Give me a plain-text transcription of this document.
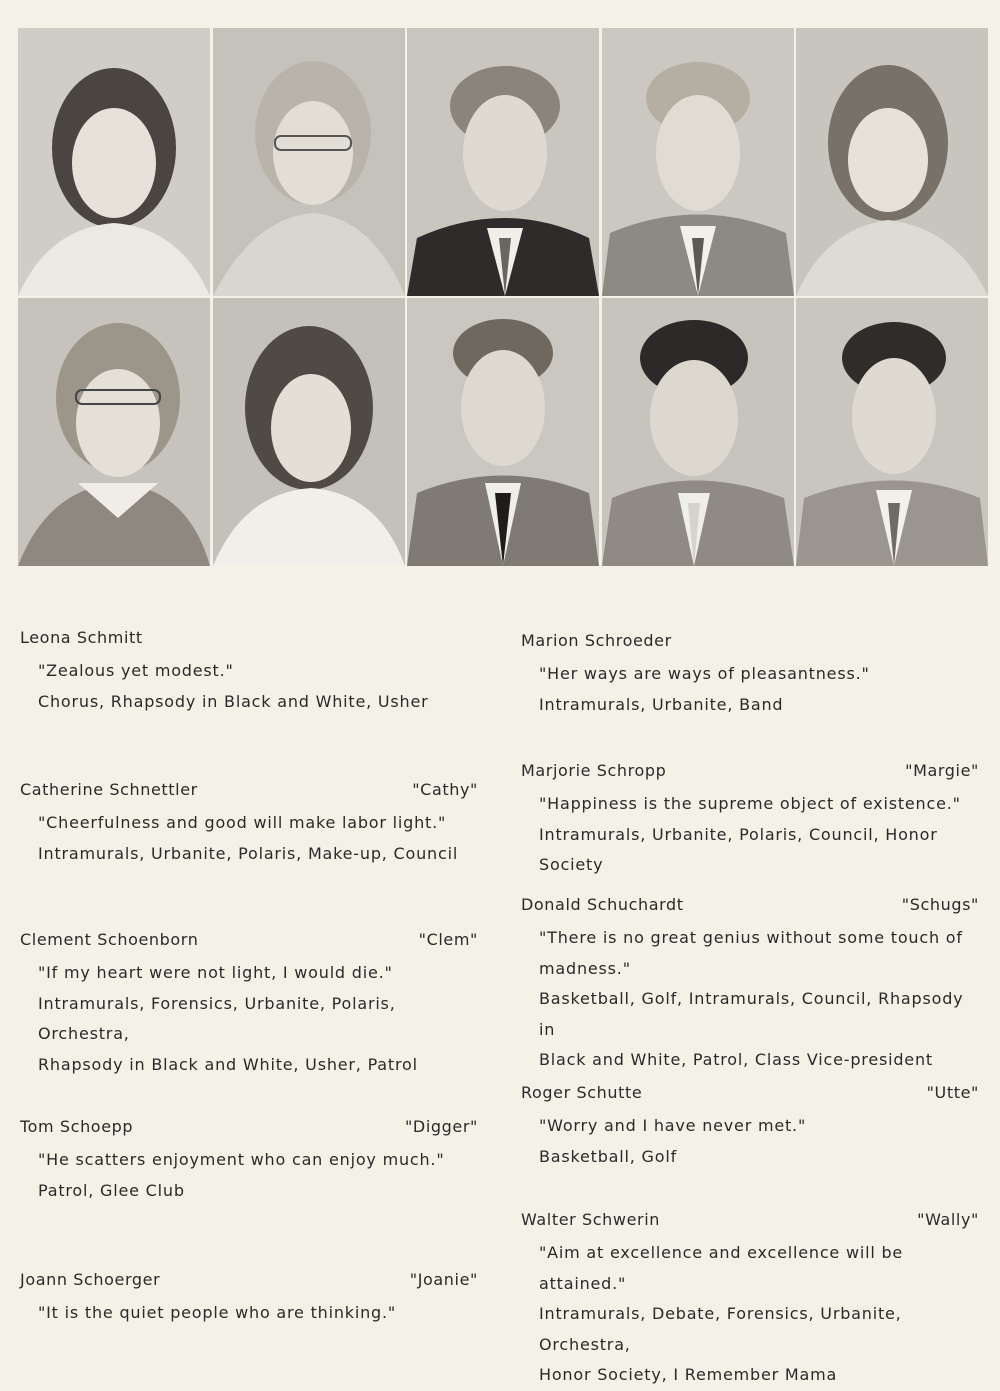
Leona Schmitt
"Zealous yet modest."
Chorus, Rhapsody in Black and White, Usher
Catherine Schnettler	"Cathy"
"Cheerfulness and good will make labor light."
Intramurals, Urbanite, Polaris, Make-up, Council
Clement Schoenborn	"Clem"
"If my heart were not light, I would die."
Intramurals, Forensics, Urbanite, Polaris, Orchestra,
Rhapsody in Black and White, Usher, Patrol
Tom Schoepp	"Digger"
"He scatters enjoyment who can enjoy much."
Patrol, Glee Club
Joann Schoerger	"Joanie"
"It is the quiet people who are thinking."
Marion Schroeder
"Her ways are ways of pleasantness."
Intramurals, Urbanite, Band
Marjorie Schropp	"Margie"
"Happiness is the supreme object of existence."
Intramurals, Urbanite, Polaris, Council, Honor Society
Donald Schuchardt	"Schugs"
"There is no great genius without some touch of
madness."
Basketball, Golf, Intramurals, Council, Rhapsody in
Black and White, Patrol, Class Vice-president
Roger Schutte	"Utte"
"Worry and I have never met."
Basketball, Golf
Walter Schwerin	"Wally"
"Aim at excellence and excellence will be attained."
Intramurals, Debate, Forensics, Urbanite, Orchestra,
Honor Society, I Remember Mama
